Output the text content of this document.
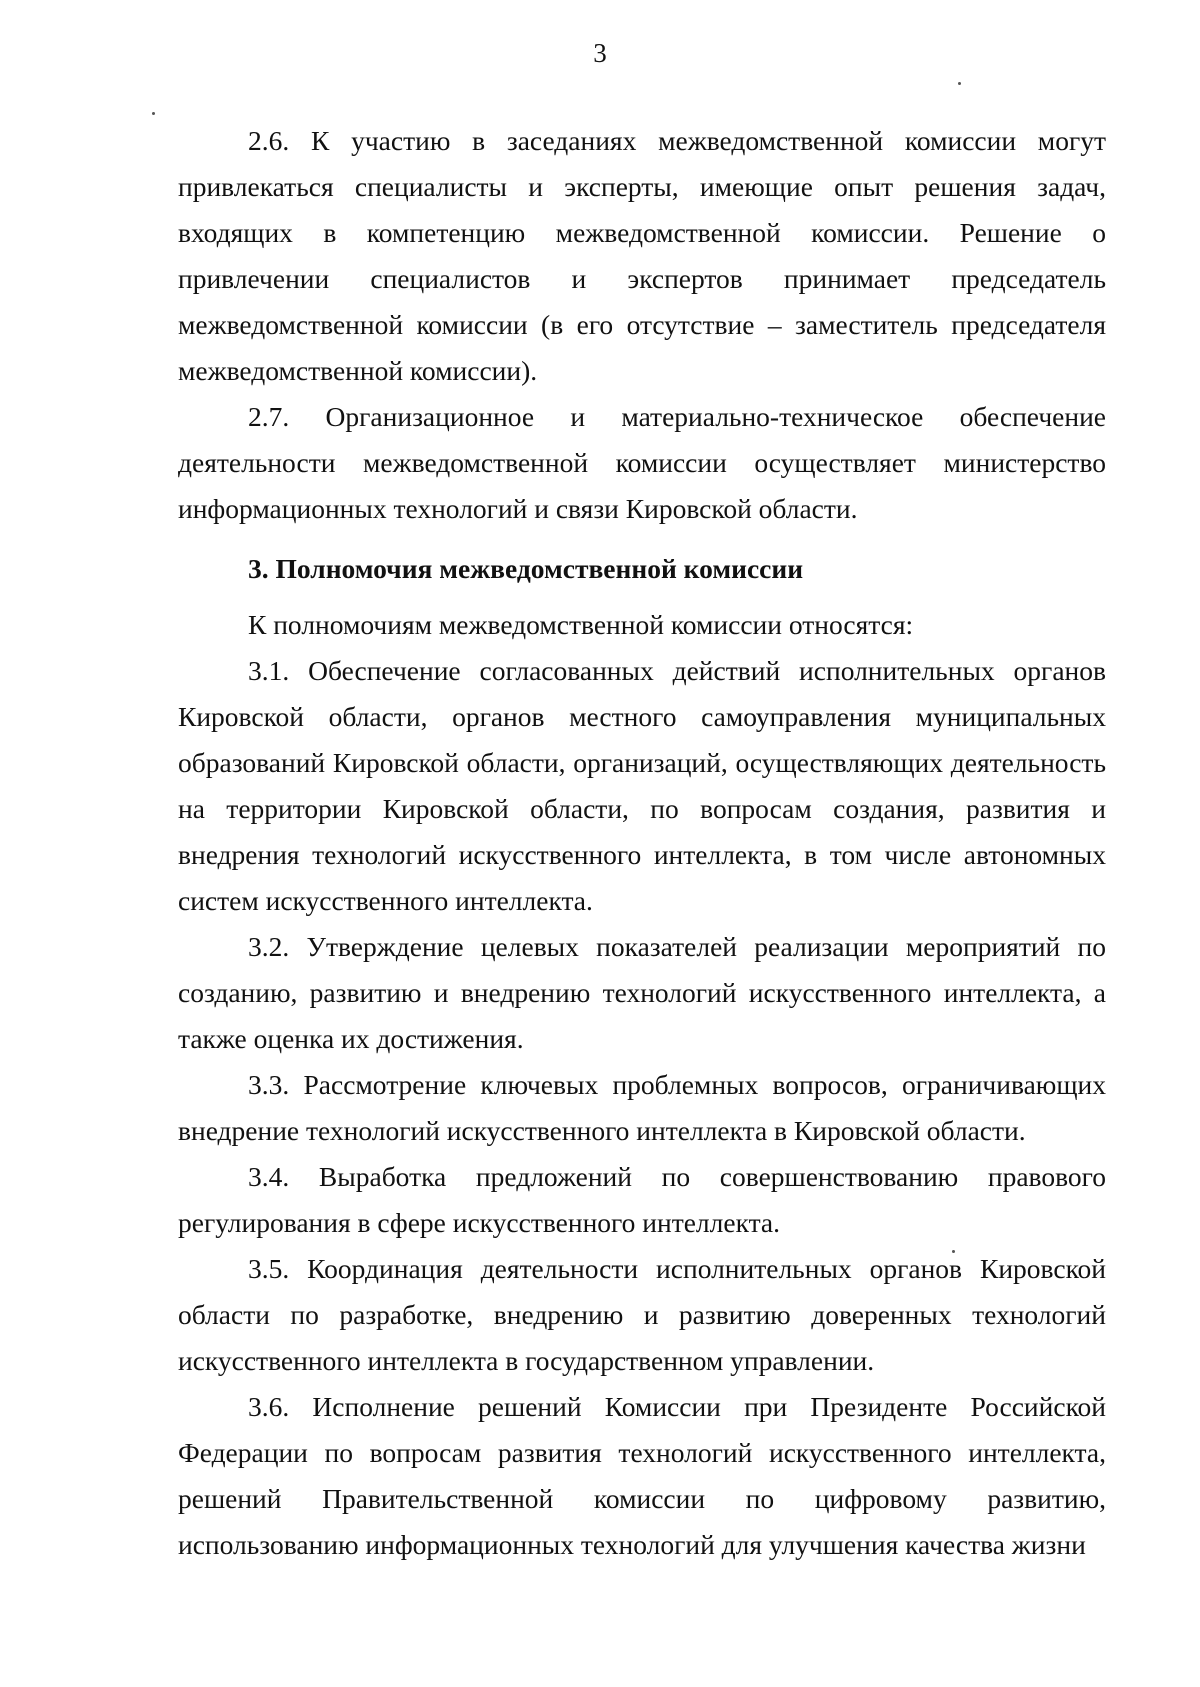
3

2.6. К участию в заседаниях межведомственной комиссии могут привлекаться специалисты и эксперты, имеющие опыт решения задач, входящих в компетенцию межведомственной комиссии. Решение о привлечении специалистов и экспертов принимает председатель межведомственной комиссии (в его отсутствие – заместитель председателя межведомственной комиссии).

2.7. Организационное и материально-техническое обеспечение деятельности межведомственной комиссии осуществляет министерство информационных технологий и связи Кировской области.

3. Полномочия межведомственной комиссии

К полномочиям межведомственной комиссии относятся:

3.1. Обеспечение согласованных действий исполнительных органов Кировской области, органов местного самоуправления муниципальных образований Кировской области, организаций, осуществляющих деятельность на территории Кировской области, по вопросам создания, развития и внедрения технологий искусственного интеллекта, в том числе автономных систем искусственного интеллекта.

3.2. Утверждение целевых показателей реализации мероприятий по созданию, развитию и внедрению технологий искусственного интеллекта, а также оценка их достижения.

3.3. Рассмотрение ключевых проблемных вопросов, ограничивающих внедрение технологий искусственного интеллекта в Кировской области.

3.4. Выработка предложений по совершенствованию правового регулирования в сфере искусственного интеллекта.

3.5. Координация деятельности исполнительных органов Кировской области по разработке, внедрению и развитию доверенных технологий искусственного интеллекта в государственном управлении.

3.6. Исполнение решений Комиссии при Президенте Российской Федерации по вопросам развития технологий искусственного интеллекта, решений Правительственной комиссии по цифровому развитию, использованию информационных технологий для улучшения качества жизни
